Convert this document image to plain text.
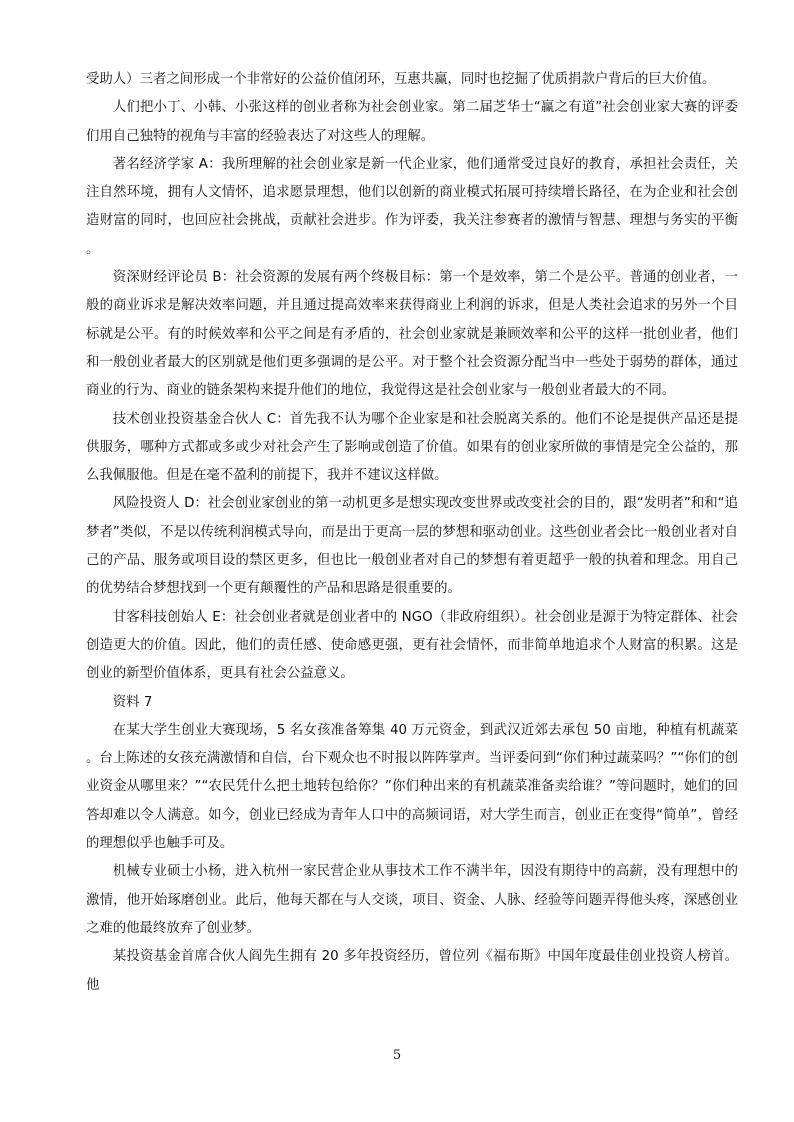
受助人）三者之间形成一个非常好的公益价值闭环，互惠共赢，同时也挖掘了优质捐款户背后的巨大价值。

人们把小丁、小韩、小张这样的创业者称为社会创业家。第二届芝华士“赢之有道”社会创业家大赛的评委们用自己独特的视角与丰富的经验表达了对这些人的理解。

著名经济学家 A：我所理解的社会创业家是新一代企业家，他们通常受过良好的教育，承担社会责任，关注自然环境，拥有人文情怀，追求愿景理想，他们以创新的商业模式拓展可持续增长路径，在为企业和社会创造财富的同时，也回应社会挑战，贡献社会进步。作为评委，我关注参赛者的激情与智慧、理想与务实的平衡。

资深财经评论员 B：社会资源的发展有两个终极目标：第一个是效率，第二个是公平。普通的创业者，一般的商业诉求是解决效率问题，并且通过提高效率来获得商业上利润的诉求，但是人类社会追求的另外一个目标就是公平。有的时候效率和公平之间是有矛盾的，社会创业家就是兼顾效率和公平的这样一批创业者，他们和一般创业者最大的区别就是他们更多强调的是公平。对于整个社会资源分配当中一些处于弱势的群体，通过商业的行为、商业的链条架构来提升他们的地位，我觉得这是社会创业家与一般创业者最大的不同。

技术创业投资基金合伙人 C：首先我不认为哪个企业家是和社会脱离关系的。他们不论是提供产品还是提供服务，哪种方式都或多或少对社会产生了影响或创造了价值。如果有的创业家所做的事情是完全公益的，那么我佩服他。但是在毫不盈利的前提下，我并不建议这样做。

风险投资人 D：社会创业家创业的第一动机更多是想实现改变世界或改变社会的目的，跟“发明者”和和“追梦者”类似，不是以传统利润模式导向，而是出于更高一层的梦想和驱动创业。这些创业者会比一般创业者对自己的产品、服务或项目设的禁区更多，但也比一般创业者对自己的梦想有着更超乎一般的执着和理念。用自己的优势结合梦想找到一个更有颠覆性的产品和思路是很重要的。

甘客科技创始人 E：社会创业者就是创业者中的 NGO（非政府组织）。社会创业是源于为特定群体、社会创造更大的价值。因此，他们的责任感、使命感更强，更有社会情怀，而非简单地追求个人财富的积累。这是创业的新型价值体系，更具有社会公益意义。

资料 7

在某大学生创业大赛现场，5 名女孩准备筹集 40 万元资金，到武汉近郊去承包 50 亩地，种植有机蔬菜。台上陈述的女孩充满激情和自信，台下观众也不时报以阵阵掌声。当评委问到“你们种过蔬菜吗？”“你们的创业资金从哪里来？”“农民凭什么把土地转包给你？”你们种出来的有机蔬菜准备卖给谁？”等问题时，她们的回答却难以令人满意。如今，创业已经成为青年人口中的高频词语，对大学生而言，创业正在变得“简单”，曾经的理想似乎也触手可及。

机械专业硕士小杨，进入杭州一家民营企业从事技术工作不满半年，因没有期待中的高薪，没有理想中的激情，他开始琢磨创业。此后，他每天都在与人交谈，项目、资金、人脉、经验等问题弄得他头疼，深感创业之难的他最终放弃了创业梦。

某投资基金首席合伙人阎先生拥有 20 多年投资经历，曾位列《福布斯》中国年度最佳创业投资人榜首。他

5
